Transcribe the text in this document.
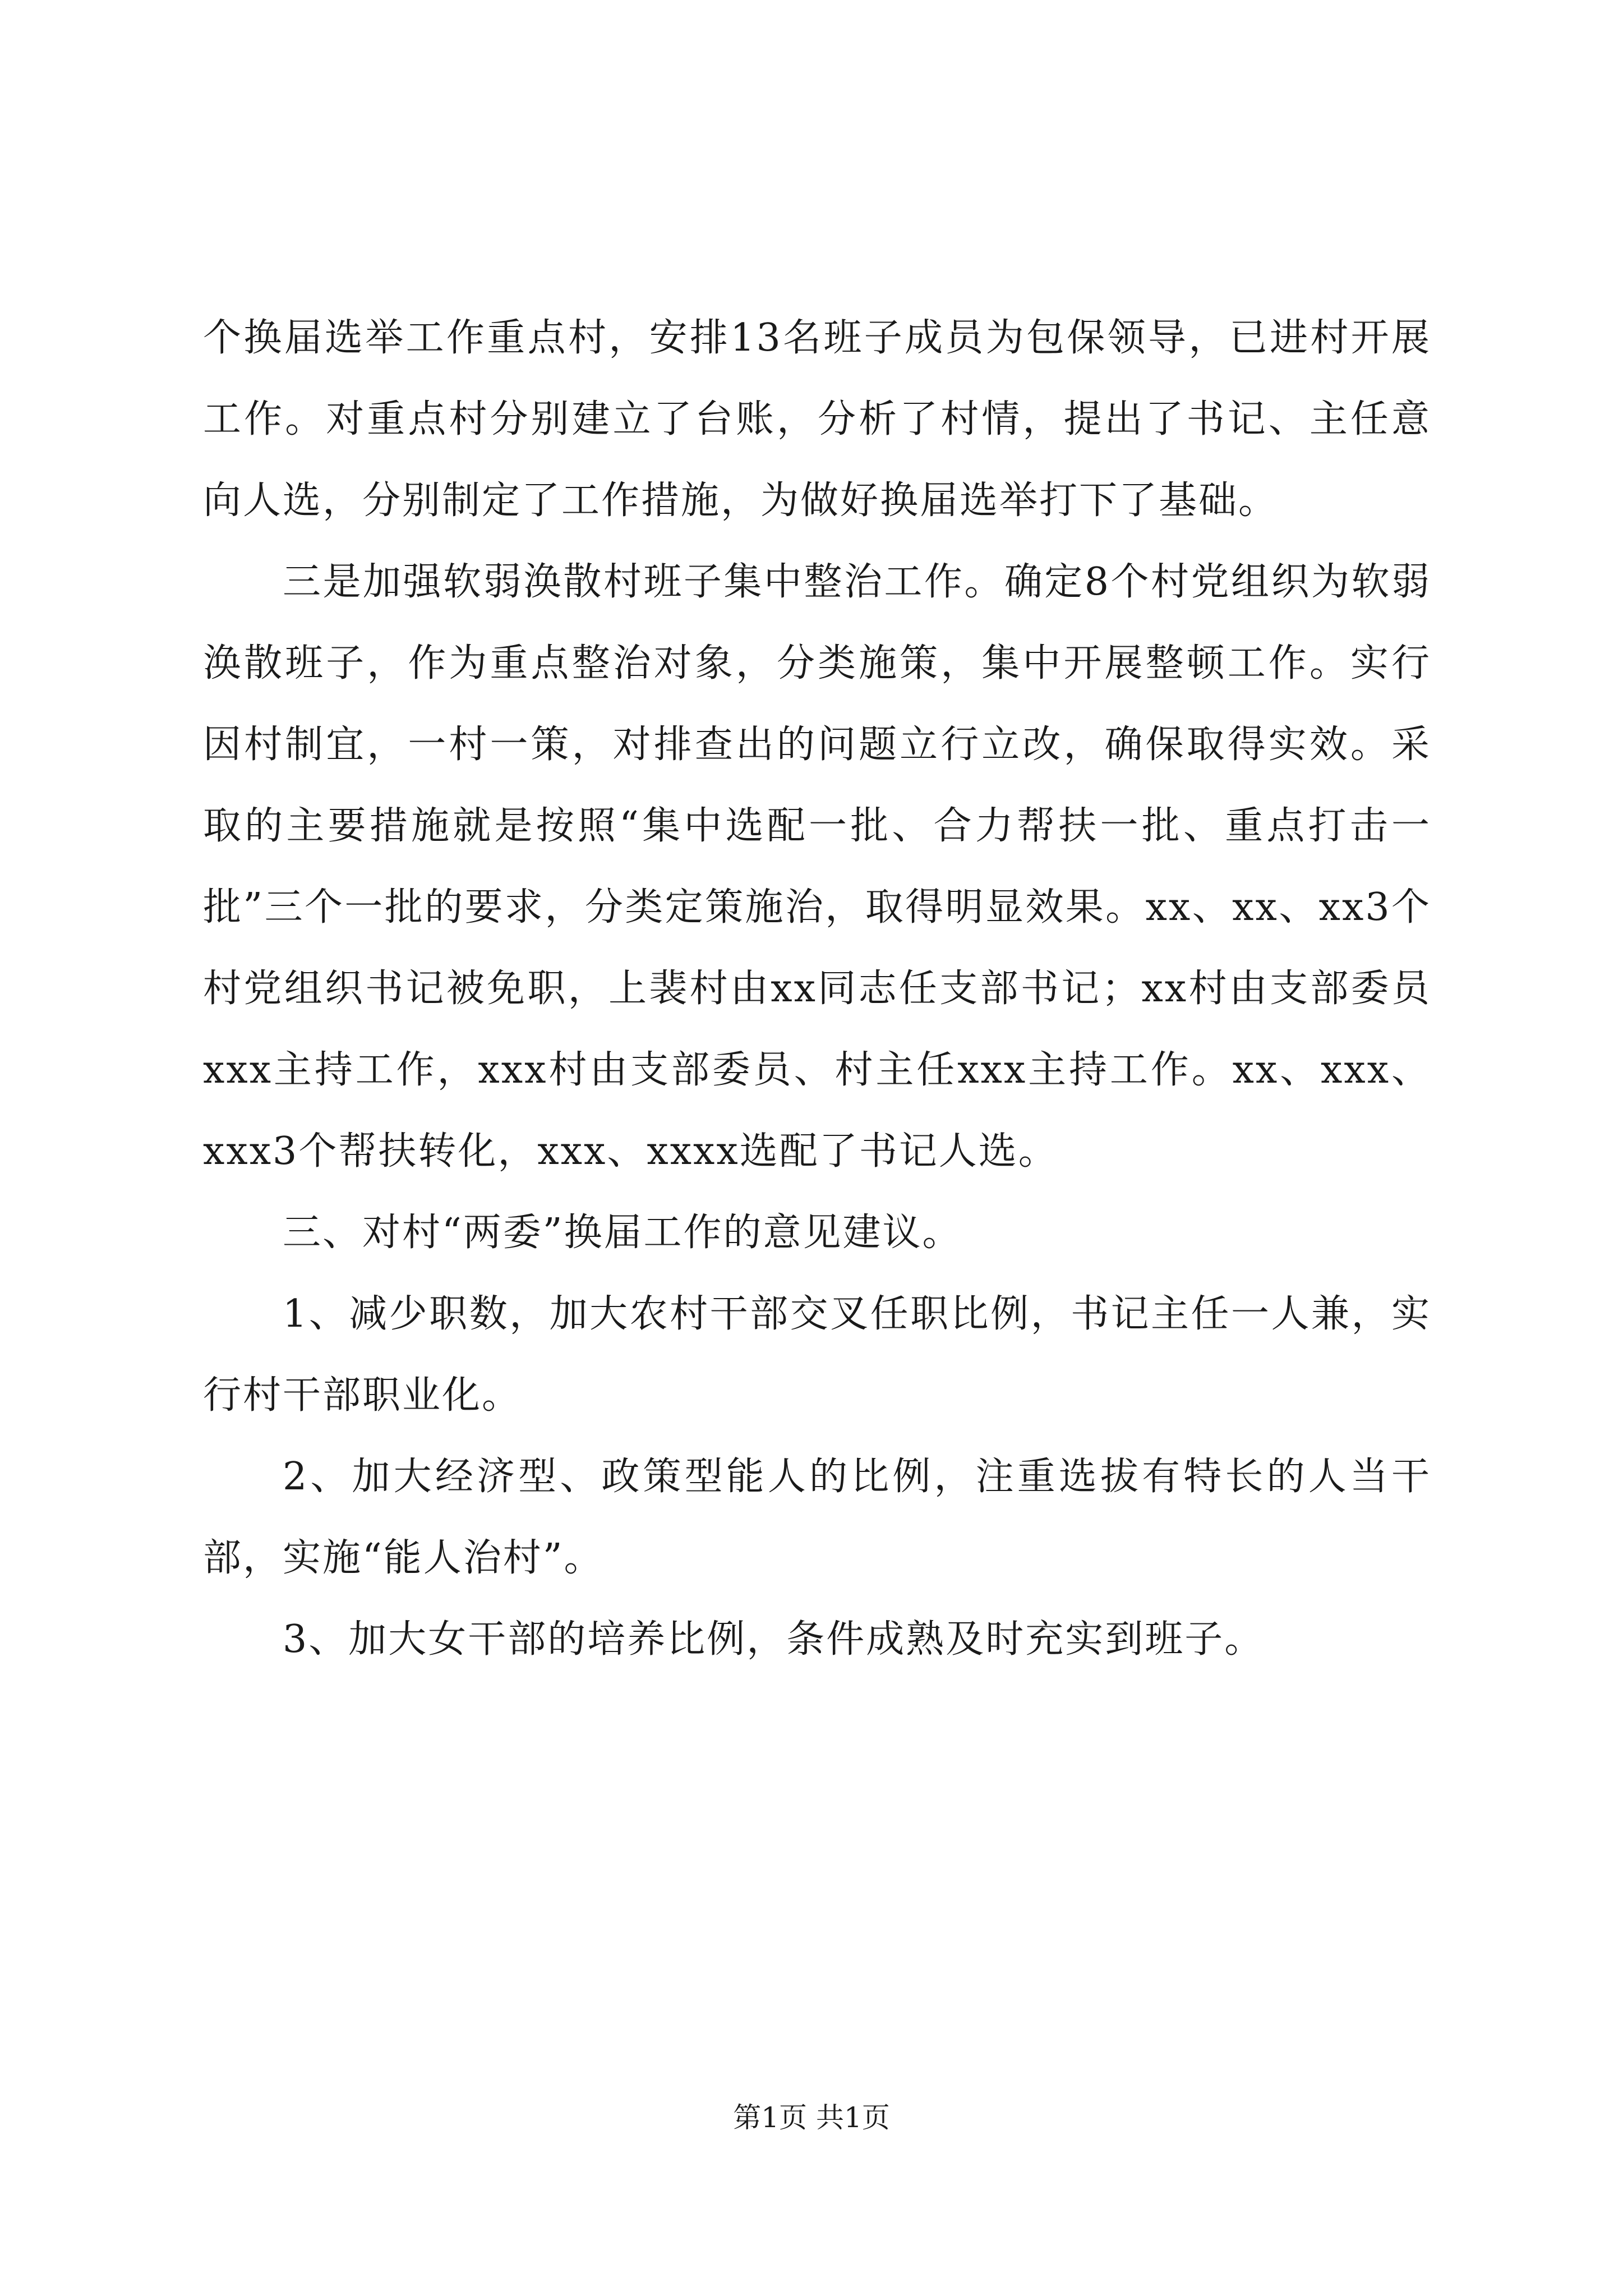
个换届选举工作重点村，安排13名班子成员为包保领导，已进村开展工作。对重点村分别建立了台账，分析了村情，提出了书记、主任意向人选，分别制定了工作措施，为做好换届选举打下了基础。

三是加强软弱涣散村班子集中整治工作。确定8个村党组织为软弱涣散班子，作为重点整治对象，分类施策，集中开展整顿工作。实行因村制宜，一村一策，对排查出的问题立行立改，确保取得实效。采取的主要措施就是按照“集中选配一批、合力帮扶一批、重点打击一批”三个一批的要求，分类定策施治，取得明显效果。xx、xx、xx3个村党组织书记被免职，上裴村由xx同志任支部书记；xx村由支部委员xxx主持工作，xxx村由支部委员、村主任xxx主持工作。xx、xxx、xxx3个帮扶转化，xxx、xxxx选配了书记人选。

三、对村“两委”换届工作的意见建议。

1、减少职数，加大农村干部交叉任职比例，书记主任一人兼，实行村干部职业化。

2、加大经济型、政策型能人的比例，注重选拔有特长的人当干部，实施“能人治村”。

3、加大女干部的培养比例，条件成熟及时充实到班子。

第1页 共1页
